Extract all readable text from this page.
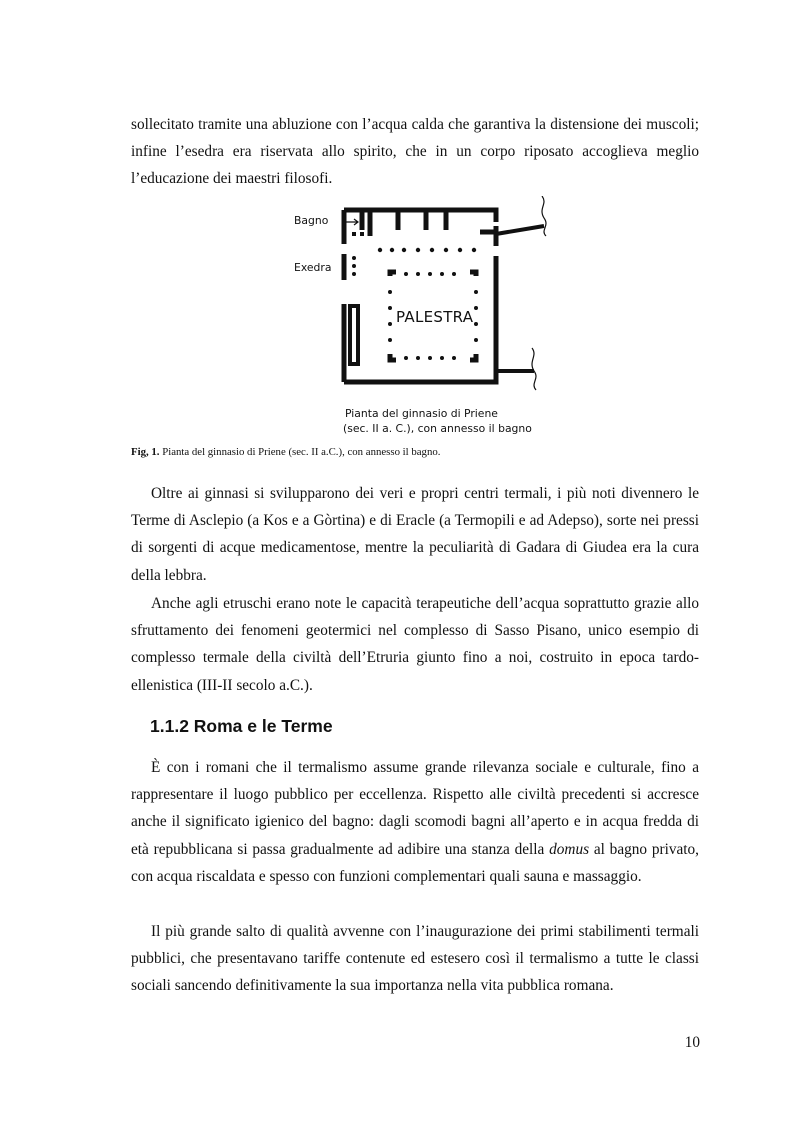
sollecitato tramite una abluzione con l’acqua calda che garantiva la distensione dei muscoli; infine l’esedra era riservata allo spirito, che in un corpo riposato accoglieva meglio l’educazione dei maestri filosofi.

Bagno
Exedra
PALESTRA
Pianta del ginnasio di Priene
(sec. II a. C.), con annesso il bagno

Fig, 1. Pianta del ginnasio di Priene (sec. II a.C.), con annesso il bagno.

Oltre ai ginnasi si svilupparono dei veri e propri centri termali, i più noti divennero le Terme di Asclepio (a Kos e a Gòrtina) e di Eracle (a Termopili e ad Adepso), sorte nei pressi di sorgenti di acque medicamentose, mentre la peculiarità di Gadara di Giudea era la cura della lebbra.

Anche agli etruschi erano note le capacità terapeutiche dell’acqua soprattutto grazie allo sfruttamento dei fenomeni geotermici nel complesso di Sasso Pisano, unico esempio di complesso termale della civiltà dell’Etruria giunto fino a noi, costruito in epoca tardo-ellenistica (III-II secolo a.C.).

1.1.2 Roma e le Terme

È con i romani che il termalismo assume grande rilevanza sociale e culturale, fino a rappresentare il luogo pubblico per eccellenza. Rispetto alle civiltà precedenti si accresce anche il significato igienico del bagno: dagli scomodi bagni all’aperto e in acqua fredda di età repubblicana si passa gradualmente ad adibire una stanza della domus al bagno privato, con acqua riscaldata e spesso con funzioni complementari quali sauna e massaggio.

Il più grande salto di qualità avvenne con l’inaugurazione dei primi stabilimenti termali pubblici, che presentavano tariffe contenute ed estesero così il termalismo a tutte le classi sociali sancendo definitivamente la sua importanza nella vita pubblica romana.

10
